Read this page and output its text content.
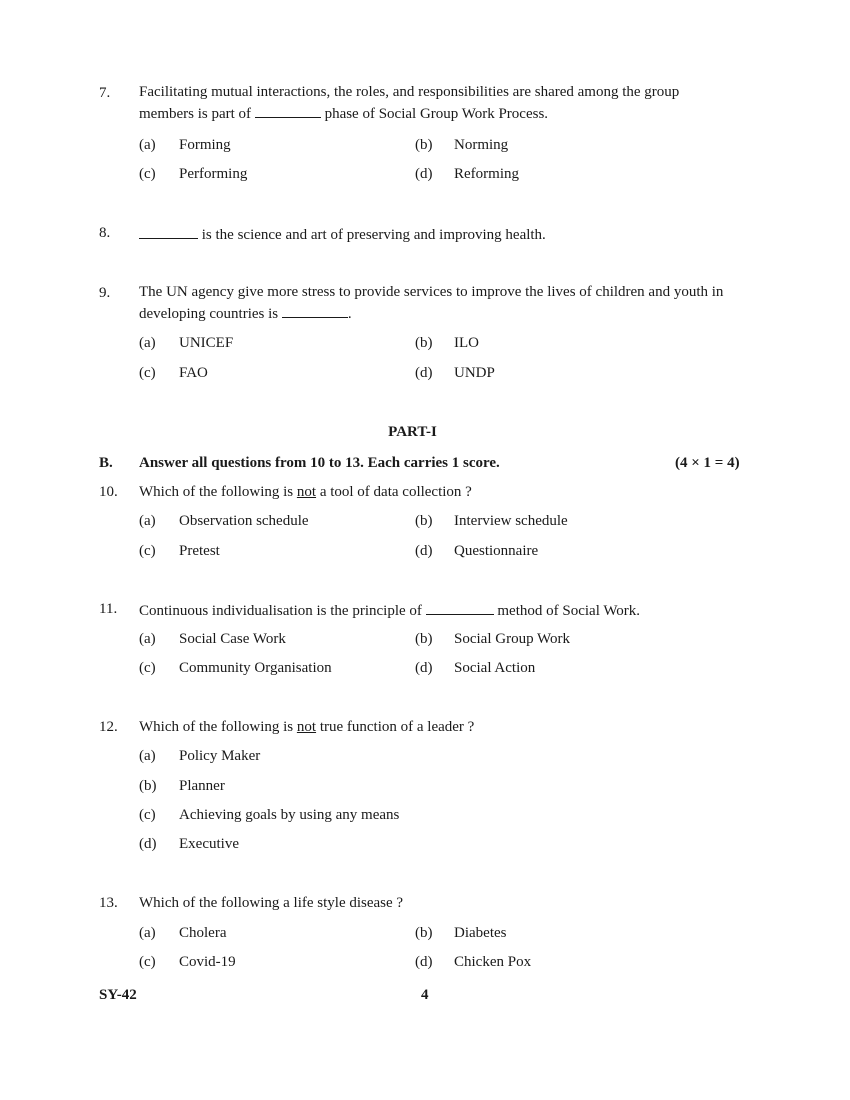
7. Facilitating mutual interactions, the roles, and responsibilities are shared among the group members is part of	phase of Social Group Work Process.
(a) Forming	(b) Norming
(c) Performing	(d) Reforming
8.	is the science and art of preserving and improving health.
9. The UN agency give more stress to provide services to improve the lives of children and youth in developing countries is	.
(a) UNICEF	(b) ILO
(c) FAO	(d) UNDP
PART-I
B. Answer all questions from 10 to 13. Each carries 1 score.	(4 × 1 = 4)
10. Which of the following is not a tool of data collection ?
(a) Observation schedule	(b) Interview schedule
(c) Pretest	(d) Questionnaire
11. Continuous individualisation is the principle of	method of Social Work.
(a) Social Case Work	(b) Social Group Work
(c) Community Organisation	(d) Social Action
12. Which of the following is not true function of a leader ?
(a) Policy Maker
(b) Planner
(c) Achieving goals by using any means
(d) Executive
13. Which of the following a life style disease ?
(a) Cholera	(b) Diabetes
(c) Covid-19	(d) Chicken Pox
SY-42	4
